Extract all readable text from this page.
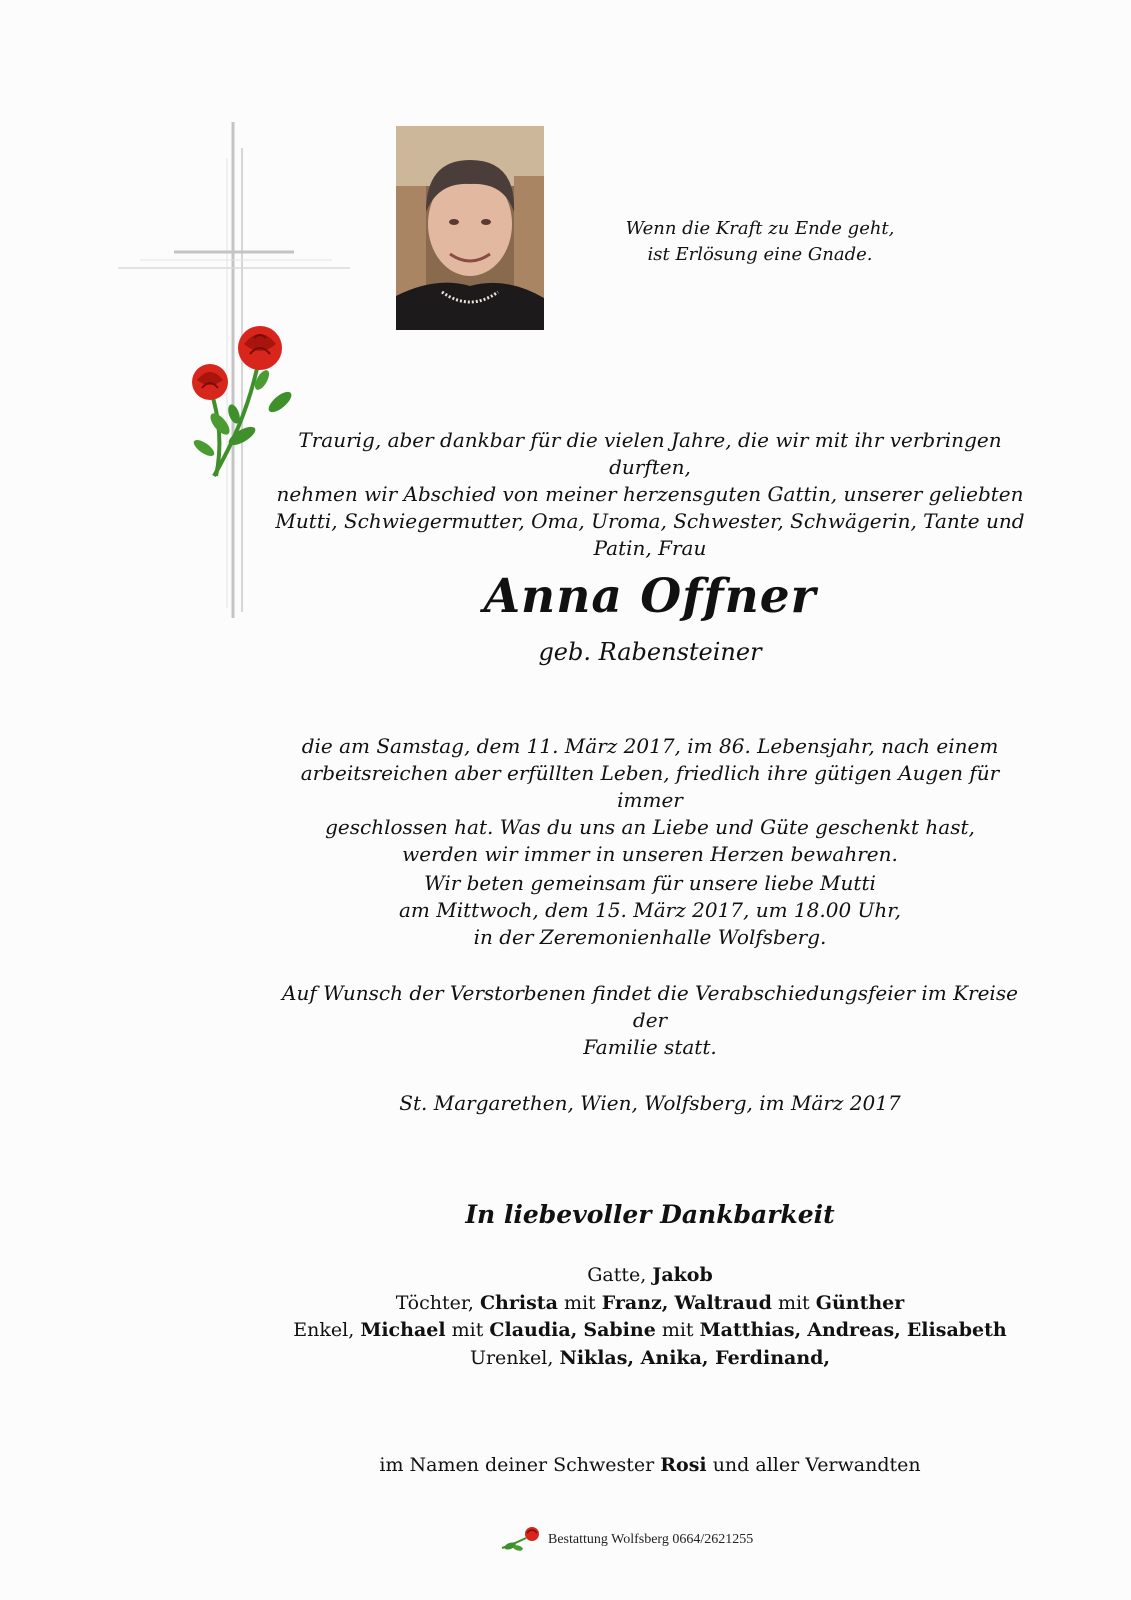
Wenn die Kraft zu Ende geht,
ist Erlösung eine Gnade.
Traurig, aber dankbar für die vielen Jahre, die wir mit ihr verbringen durften,
nehmen wir Abschied von meiner herzensguten Gattin, unserer geliebten
Mutti, Schwiegermutter, Oma, Uroma, Schwester, Schwägerin, Tante und
Patin, Frau
Anna Offner
geb. Rabensteiner
die am Samstag, dem 11. März 2017, im 86. Lebensjahr, nach einem
arbeitsreichen aber erfüllten Leben, friedlich ihre gütigen Augen für immer
geschlossen hat. Was du uns an Liebe und Güte geschenkt hast,
werden wir immer in unseren Herzen bewahren.
Wir beten gemeinsam für unsere liebe Mutti
am Mittwoch, dem 15. März 2017, um 18.00 Uhr,
in der Zeremonienhalle Wolfsberg.
Auf Wunsch der Verstorbenen findet die Verabschiedungsfeier im Kreise der
Familie statt.
St. Margarethen, Wien, Wolfsberg, im März 2017
In liebevoller Dankbarkeit
Gatte, Jakob
Töchter, Christa mit Franz, Waltraud mit Günther
Enkel, Michael mit Claudia, Sabine mit Matthias, Andreas, Elisabeth
Urenkel, Niklas, Anika, Ferdinand,
im Namen deiner Schwester Rosi und aller Verwandten
Bestattung Wolfsberg 0664/2621255
